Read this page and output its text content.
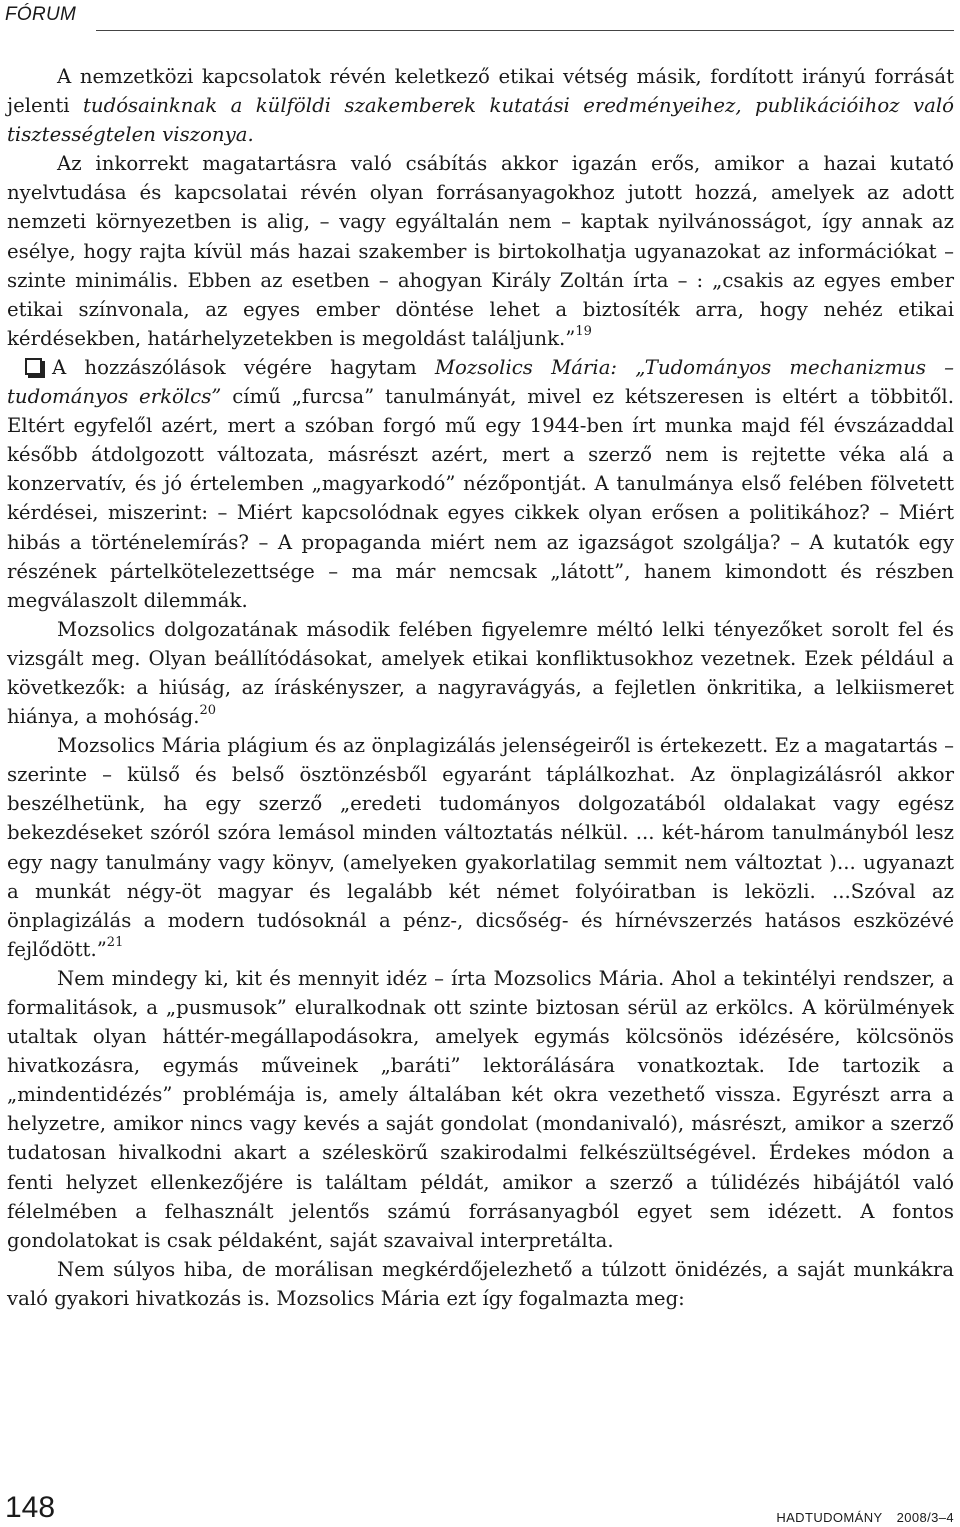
FÓRUM

A nemzetközi kapcsolatok révén keletkező etikai vétség másik, fordított irányú forrását jelenti tudósainknak a külföldi szakemberek kutatási eredményeihez, publikációihoz való tisztességtelen viszonya.

Az inkorrekt magatartásra való csábítás akkor igazán erős, amikor a hazai kutató nyelvtudása és kapcsolatai révén olyan forrásanyagokhoz jutott hozzá, amelyek az adott nemzeti környezetben is alig, – vagy egyáltalán nem – kaptak nyilvánosságot, így annak az esélye, hogy rajta kívül más hazai szakember is birtokolhatja ugyanazokat az információkat – szinte minimális. Ebben az esetben – ahogyan Király Zoltán írta – : „csakis az egyes ember etikai színvonala, az egyes ember döntése lehet a biztosíték arra, hogy nehéz etikai kérdésekben, határhelyzetekben is megoldást találjunk.”$^{19}$

A hozzászólások végére hagytam Mozsolics Mária: „Tudományos mechanizmus – tudományos erkölcs” című „furcsa” tanulmányát, mivel ez kétszeresen is eltért a többitől. Eltért egyfelől azért, mert a szóban forgó mű egy 1944-ben írt munka majd fél évszázaddal később átdolgozott változata, másrészt azért, mert a szerző nem is rejtette véka alá a konzervatív, és jó értelemben „magyarkodó” nézőpontját. A tanulmánya első felében fölvetett kérdései, miszerint: – Miért kapcsolódnak egyes cikkek olyan erősen a politikához? – Miért hibás a történelemírás? – A propaganda miért nem az igazságot szolgálja? – A kutatók egy részének pártelkötelezettsége – ma már nemcsak „látott”, hanem kimondott és részben megválaszolt dilemmák.

Mozsolics dolgozatának második felében figyelemre méltó lelki tényezőket sorolt fel és vizsgált meg. Olyan beállítódásokat, amelyek etikai konfliktusokhoz vezetnek. Ezek például a következők: a hiúság, az íráskényszer, a nagyravágyás, a fejletlen önkritika, a lelkiismeret hiánya, a mohóság.$^{20}$

Mozsolics Mária plágium és az önplagizálás jelenségeiről is értekezett. Ez a magatartás – szerinte – külső és belső ösztönzésből egyaránt táplálkozhat. Az önplagizálásról akkor beszélhetünk, ha egy szerző „eredeti tudományos dolgozatából oldalakat vagy egész bekezdéseket szóról szóra lemásol minden változtatás nélkül. ... két-három tanulmányból lesz egy nagy tanulmány vagy könyv, (amelyeken gyakorlatilag semmit nem változtat )... ugyanazt a munkát négy-öt magyar és legalább két német folyóiratban is leközli. ...Szóval az önplagizálás a modern tudósoknál a pénz-, dicsőség- és hírnévszerzés hatásos eszközévé fejlődött.”$^{21}$

Nem mindegy ki, kit és mennyit idéz – írta Mozsolics Mária. Ahol a tekintélyi rendszer, a formalitások, a „pusmusok” eluralkodnak ott szinte biztosan sérül az erkölcs. A körülmények utaltak olyan háttér-megállapodásokra, amelyek egymás kölcsönös idézésére, kölcsönös hivatkozásra, egymás műveinek „baráti” lektorálására vonatkoztak. Ide tartozik a „mindentidézés” problémája is, amely általában két okra vezethető vissza. Egyrészt arra a helyzetre, amikor nincs vagy kevés a saját gondolat (mondanivaló), másrészt, amikor a szerző tudatosan hivalkodni akart a széleskörű szakirodalmi felkészültségével. Érdekes módon a fenti helyzet ellenkezőjére is találtam példát, amikor a szerző a túlidézés hibájától való félelmében a felhasznált jelentős számú forrásanyagból egyet sem idézett. A fontos gondolatokat is csak példaként, saját szavaival interpretálta.

Nem súlyos hiba, de morálisan megkérdőjelezhető a túlzott önidézés, a saját munkákra való gyakori hivatkozás is. Mozsolics Mária ezt így fogalmazta meg:

148	HADTUDOMÁNY 2008/3–4
